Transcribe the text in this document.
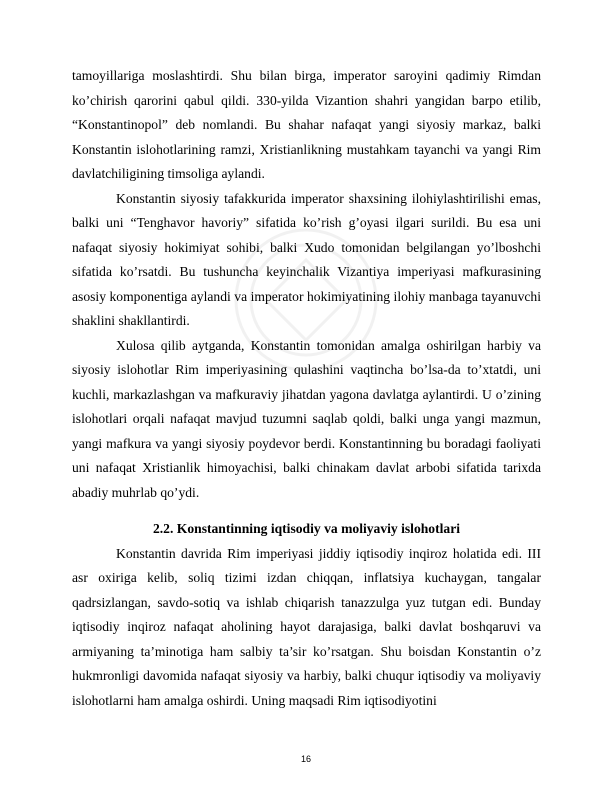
tamoyillariga moslashtirdi. Shu bilan birga, imperator saroyini qadimiy Rimdan ko’chirish qarorini qabul qildi. 330-yilda Vizantion shahri yangidan barpo etilib, “Konstantinopol” deb nomlandi. Bu shahar nafaqat yangi siyosiy markaz, balki Konstantin islohotlarining ramzi, Xristianlikning mustahkam tayanchi va yangi Rim davlatchiligining timsoliga aylandi.

Konstantin siyosiy tafakkurida imperator shaxsining ilohiylashtirilishi emas, balki uni “Tenghavor havoriy” sifatida ko’rish g’oyasi ilgari surildi. Bu esa uni nafaqat siyosiy hokimiyat sohibi, balki Xudo tomonidan belgilangan yo’lboshchi sifatida ko’rsatdi. Bu tushuncha keyinchalik Vizantiya imperiyasi mafkurasining asosiy komponentiga aylandi va imperator hokimiyatining ilohiy manbaga tayanuvchi shaklini shakllantirdi.

Xulosa qilib aytganda, Konstantin tomonidan amalga oshirilgan harbiy va siyosiy islohotlar Rim imperiyasining qulashini vaqtincha bo’lsa-da to’xtatdi, uni kuchli, markazlashgan va mafkuraviy jihatdan yagona davlatga aylantirdi. U o’zining islohotlari orqali nafaqat mavjud tuzumni saqlab qoldi, balki unga yangi mazmun, yangi mafkura va yangi siyosiy poydevor berdi. Konstantinning bu boradagi faoliyati uni nafaqat Xristianlik himoyachisi, balki chinakam davlat arbobi sifatida tarixda abadiy muhrlab qo’ydi.

2.2. Konstantinning iqtisodiy va moliyaviy islohotlari

Konstantin davrida Rim imperiyasi jiddiy iqtisodiy inqiroz holatida edi. III asr oxiriga kelib, soliq tizimi izdan chiqqan, inflatsiya kuchaygan, tangalar qadrsizlangan, savdo-sotiq va ishlab chiqarish tanazzulga yuz tutgan edi. Bunday iqtisodiy inqiroz nafaqat aholining hayot darajasiga, balki davlat boshqaruvi va armiyaning ta’minotiga ham salbiy ta’sir ko’rsatgan. Shu boisdan Konstantin o’z hukmronligi davomida nafaqat siyosiy va harbiy, balki chuqur iqtisodiy va moliyaviy islohotlarni ham amalga oshirdi. Uning maqsadi Rim iqtisodiyotini

16
